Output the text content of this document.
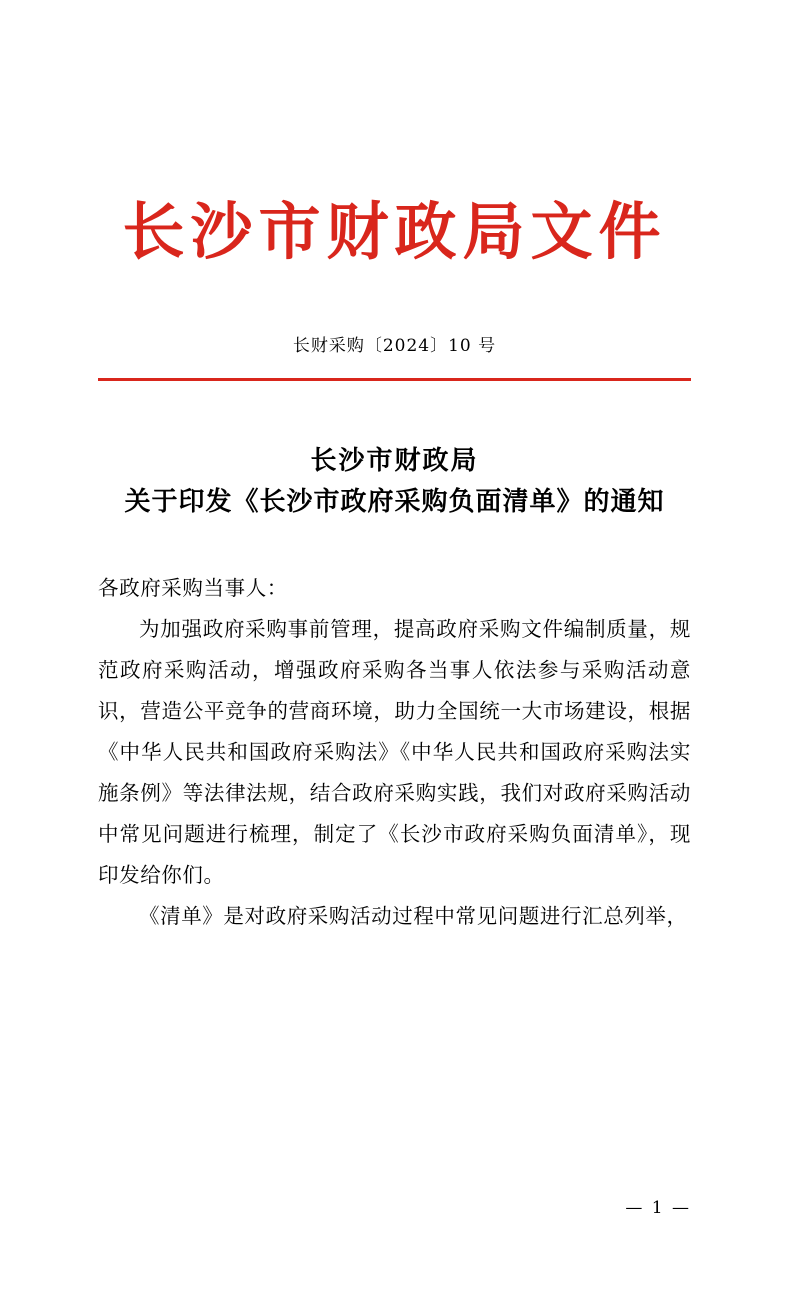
长沙市财政局文件
长财采购〔2024〕10 号
长沙市财政局
关于印发《长沙市政府采购负面清单》的通知

各政府采购当事人：

为加强政府采购事前管理，提高政府采购文件编制质量，规范政府采购活动，增强政府采购各当事人依法参与采购活动意识，营造公平竞争的营商环境，助力全国统一大市场建设，根据《中华人民共和国政府采购法》《中华人民共和国政府采购法实施条例》等法律法规，结合政府采购实践，我们对政府采购活动中常见问题进行梳理，制定了《长沙市政府采购负面清单》，现印发给你们。

《清单》是对政府采购活动过程中常见问题进行汇总列举，

— 1 —
